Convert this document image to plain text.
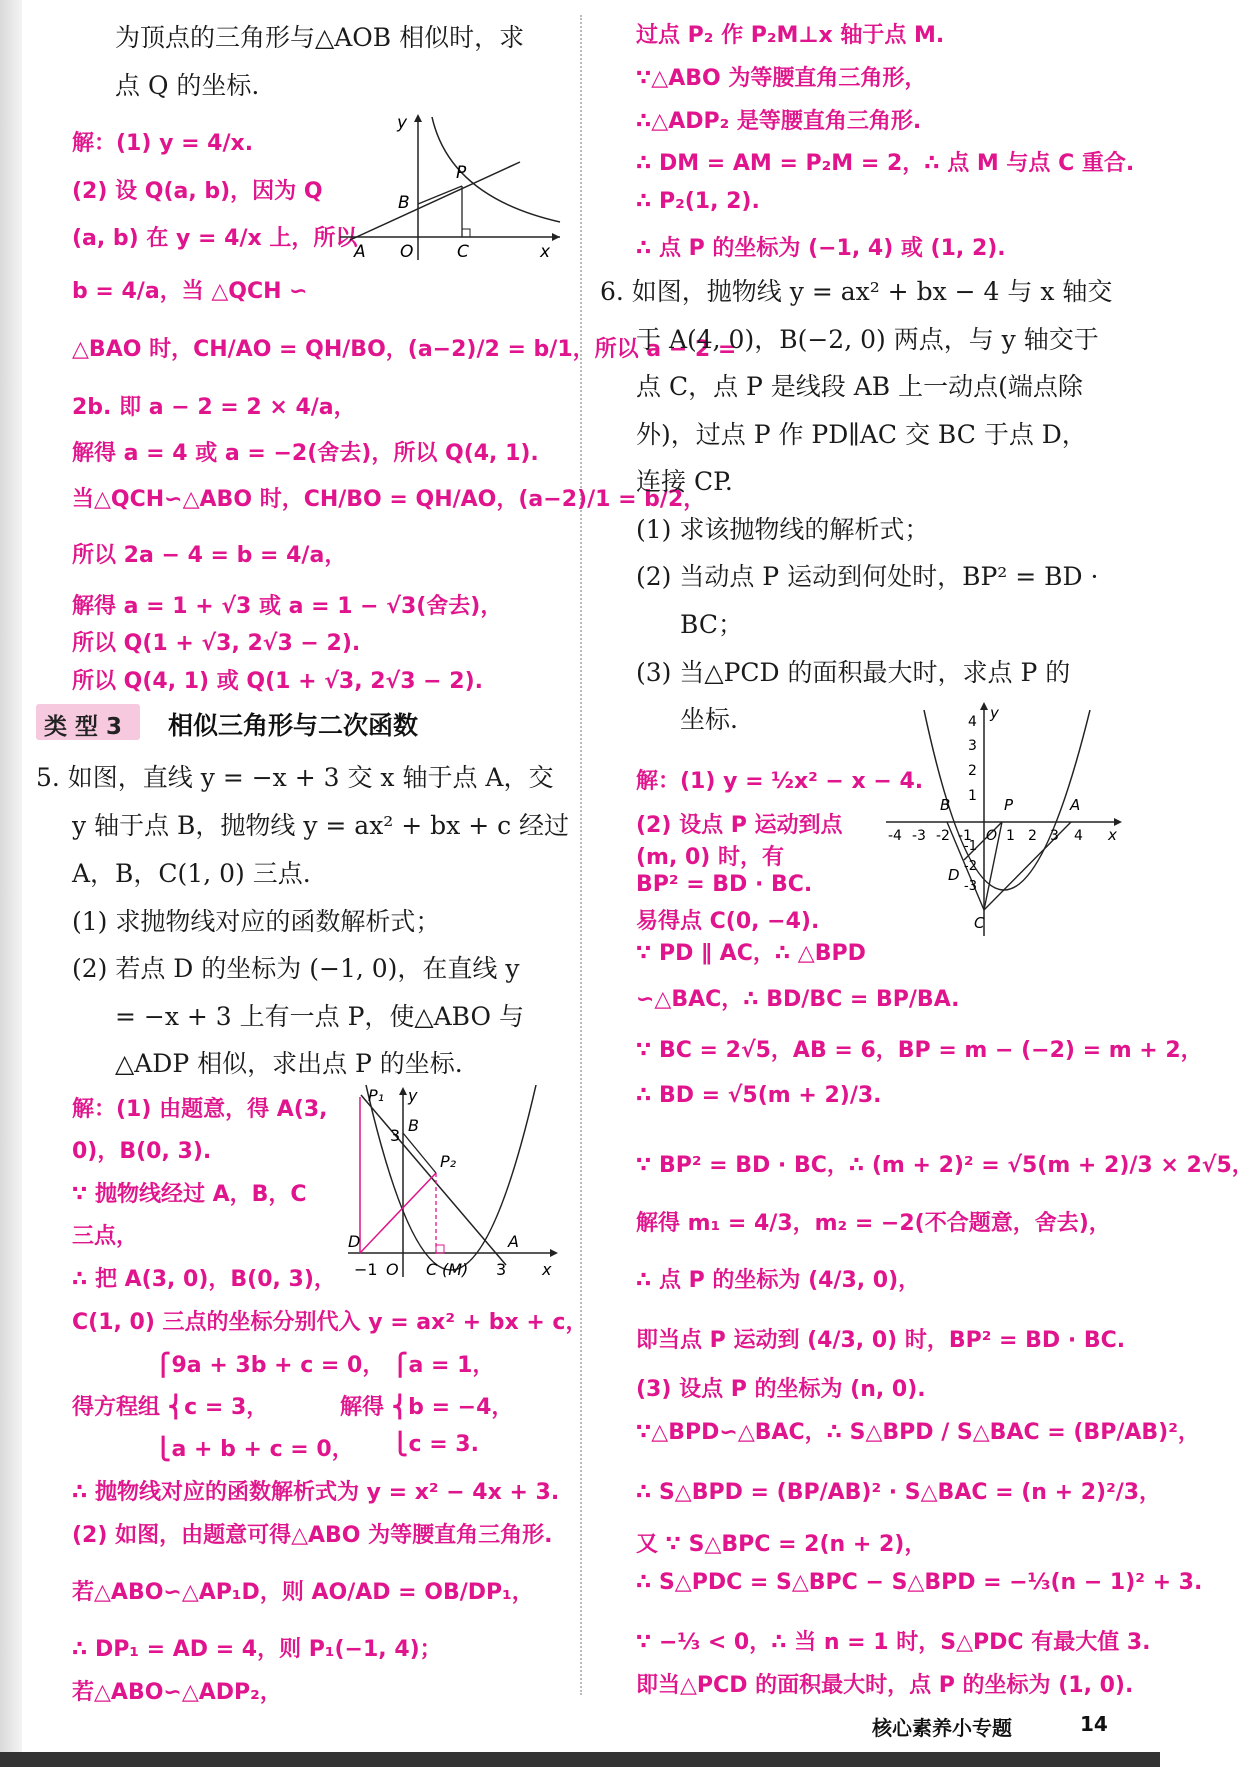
为顶点的三角形与△AOB 相似时，求
点 Q 的坐标.
解：(1) y = 4/x.
(2) 设 Q(a, b)，因为 Q
(a, b) 在 y = 4/x 上，所以
b = 4/a，当 △QCH ∽
△BAO 时，CH/AO = QH/BO，(a−2)/2 = b/1，所以 a − 2 =
2b. 即 a − 2 = 2 × 4/a，
解得 a = 4 或 a = −2(舍去)，所以 Q(4, 1).
当△QCH∽△ABO 时，CH/BO = QH/AO，(a−2)/1 = b/2，
所以 2a − 4 = b = 4/a，
解得 a = 1 + √3 或 a = 1 − √3(舍去)，
所以 Q(1 + √3, 2√3 − 2).
所以 Q(4, 1) 或 Q(1 + √3, 2√3 − 2).
y
P
B
A O	C	x
类 型 3 相似三角形与二次函数
5. 如图，直线 y = −x + 3 交 x 轴于点 A，交
y 轴于点 B，抛物线 y = ax² + bx + c 经过
A，B，C(1, 0) 三点.
(1) 求抛物线对应的函数解析式；
(2) 若点 D 的坐标为 (−1, 0)，在直线 y
= −x + 3 上有一点 P，使△ABO 与
△ADP 相似，求出点 P 的坐标.
解：(1) 由题意，得 A(3,
0)，B(0, 3).
∵ 抛物线经过 A，B，C
三点，
∴ 把 A(3, 0)，B(0, 3)，
C(1, 0) 三点的坐标分别代入 y = ax² + bx + c，
⎧9a + 3b + c = 0，
得方程组 ⎨c = 3，
⎩a + b + c = 0，
⎧a = 1，
解得 ⎨b = −4，
⎩c = 3.
∴ 抛物线对应的函数解析式为 y = x² − 4x + 3.
(2) 如图，由题意可得△ABO 为等腰直角三角形.
若△ABO∽△AP₁D，则 AO/AD = OB/DP₁，
∴ DP₁ = AD = 4，则 P₁(−1, 4)；
若△ABO∽△ADP₂，
P₁ y
B
3
P₂
D
−1 O C (M)
A
3 x
过点 P₂ 作 P₂M⊥x 轴于点 M.
∵△ABO 为等腰直角三角形，
∴△ADP₂ 是等腰直角三角形.
∴ DM = AM = P₂M = 2，∴ 点 M 与点 C 重合.
∴ P₂(1, 2).
∴ 点 P 的坐标为 (−1, 4) 或 (1, 2).
6. 如图，抛物线 y = ax² + bx − 4 与 x 轴交
于 A(4, 0)，B(−2, 0) 两点，与 y 轴交于
点 C，点 P 是线段 AB 上一动点(端点除
外)，过点 P 作 PD∥AC 交 BC 于点 D，
连接 CP.
(1) 求该抛物线的解析式；
(2) 当动点 P 运动到何处时，BP² = BD ·
BC；
(3) 当△PCD 的面积最大时，求点 P 的
坐标.
解：(1) y = ½x² − x − 4.
(2) 设点 P 运动到点
(m, 0) 时，有
BP² = BD · BC.
易得点 C(0, −4).
∵ PD ∥ AC，∴ △BPD
∽△BAC，∴ BD/BC = BP/BA.
∵ BC = 2√5，AB = 6，BP = m − (−2) = m + 2，
∴ BD = √5(m + 2)/3.
∵ BP² = BD · BC，∴ (m + 2)² = √5(m + 2)/3 × 2√5，
解得 m₁ = 4/3，m₂ = −2(不合题意，舍去)，
∴ 点 P 的坐标为 (4/3, 0)，
即当点 P 运动到 (4/3, 0) 时，BP² = BD · BC.
(3) 设点 P 的坐标为 (n, 0).
∵△BPD∽△BAC，∴ S△BPD / S△BAC = (BP/AB)²，
∴ S△BPD = (BP/AB)² · S△BAC = (n + 2)²/3，
又 ∵ S△BPC = 2(n + 2)，
∴ S△PDC = S△BPC − S△BPD = −⅓(n − 1)² + 3.
∵ −⅓ < 0，∴ 当 n = 1 时，S△PDC 有最大值 3.
即当△PCD 的面积最大时，点 P 的坐标为 (1, 0).
y
4
3
2
1
B	P	A
-4 -3 -2 -1 O 1 2 3 4 x
-1
-2
-3
D
C
核心素养小专题	14
